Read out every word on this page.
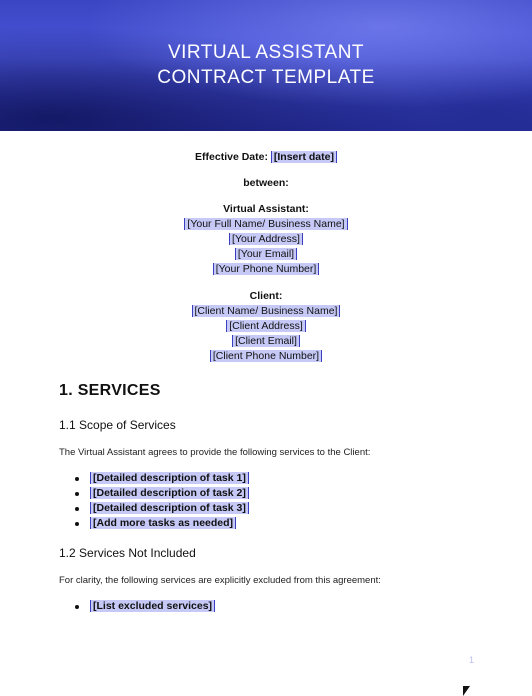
VIRTUAL ASSISTANT
CONTRACT TEMPLATE
Effective Date: [Insert date]
between:
Virtual Assistant:
[Your Full Name/ Business Name]
[Your Address]
[Your Email]
[Your Phone Number]
Client:
[Client Name/ Business Name]
[Client Address]
[Client Email]
[Client Phone Number]
1. SERVICES
1.1 Scope of Services
The Virtual Assistant agrees to provide the following services to the Client:
[Detailed description of task 1]
[Detailed description of task 2]
[Detailed description of task 3]
[Add more tasks as needed]
1.2 Services Not Included
For clarity, the following services are explicitly excluded from this agreement:
[List excluded services]
1
